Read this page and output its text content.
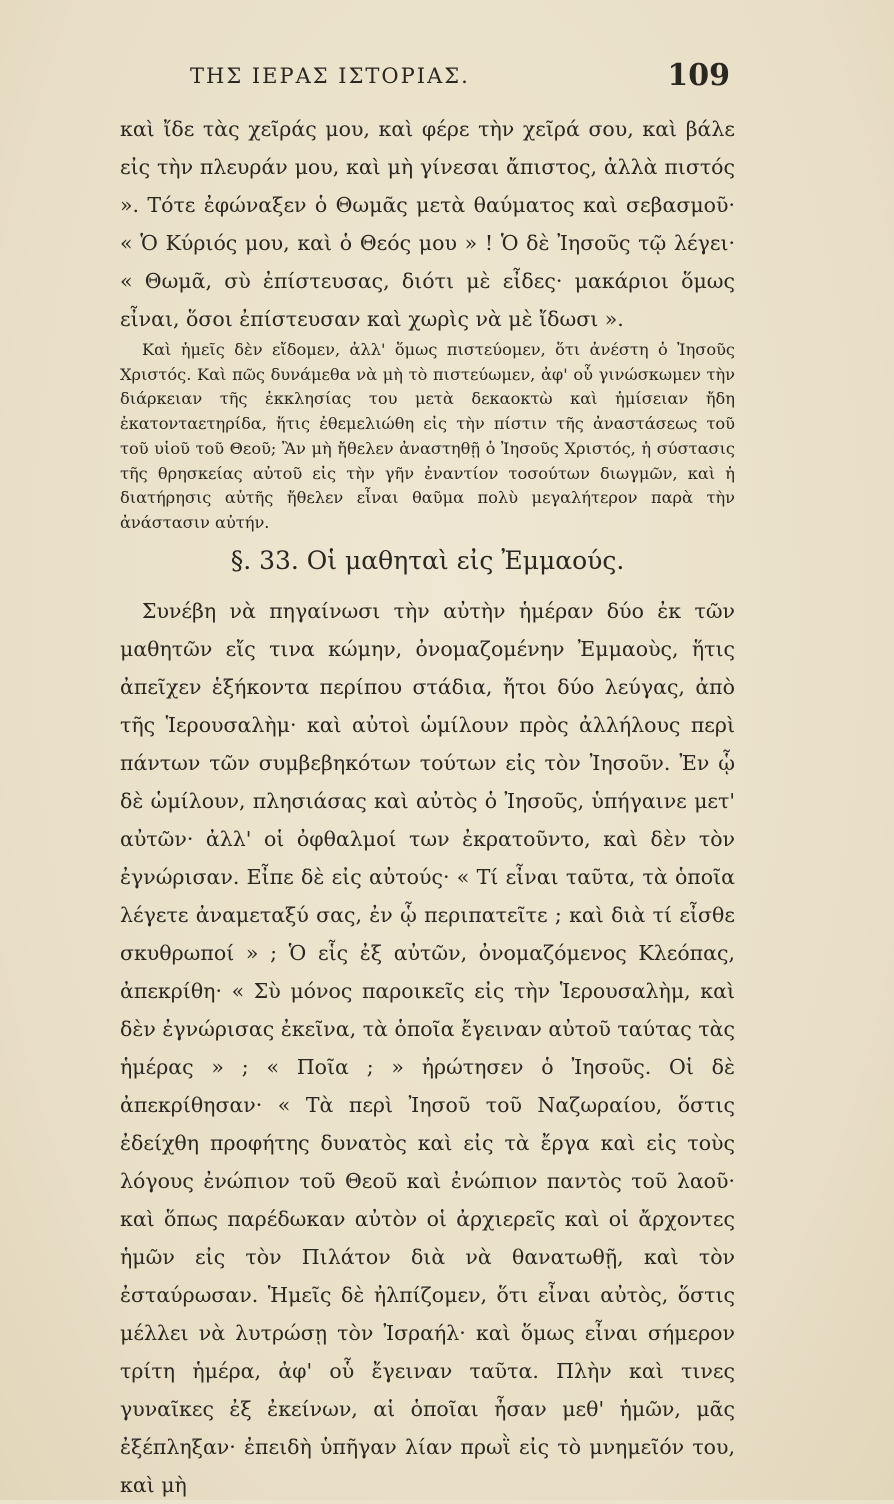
ΤΗΣ ΙΕΡΑΣ ΙΣΤΟΡΙΑΣ.	109

καὶ ἴδε τὰς χεῖράς μου, καὶ φέρε τὴν χεῖρά σου, καὶ βάλε εἰς τὴν πλευράν μου, καὶ μὴ γίνεσαι ἄπιστος, ἀλλὰ πιστός ». Τότε ἐφώναξεν ὁ Θωμᾶς μετὰ θαύματος καὶ σεβασμοῦ· « Ὁ Κύριός μου, καὶ ὁ Θεός μου » ! Ὁ δὲ Ἰησοῦς τῷ λέγει· « Θωμᾶ, σὺ ἐπίστευσας, διότι μὲ εἶδες· μακάριοι ὅμως εἶναι, ὅσοι ἐπίστευσαν καὶ χωρὶς νὰ μὲ ἴδωσι ».

Καὶ ἡμεῖς δὲν εἴδομεν, ἀλλ' ὅμως πιστεύομεν, ὅτι ἀνέστη ὁ Ἰησοῦς Χριστός. Καὶ πῶς δυνάμεθα νὰ μὴ τὸ πιστεύωμεν, ἀφ' οὗ γινώσκωμεν τὴν διάρκειαν τῆς ἐκκλησίας του μετὰ δεκαοκτὼ καὶ ἡμίσειαν ἤδη ἑκατονταετηρίδα, ἥτις ἐθεμελιώθη εἰς τὴν πίστιν τῆς ἀναστάσεως τοῦ τοῦ υἱοῦ τοῦ Θεοῦ; Ἂν μὴ ἤθελεν ἀναστηθῇ ὁ Ἰησοῦς Χριστός, ἡ σύστασις τῆς θρησκείας αὐτοῦ εἰς τὴν γῆν ἐναντίον τοσούτων διωγμῶν, καὶ ἡ διατήρησις αὐτῆς ἤθελεν εἶναι θαῦμα πολὺ μεγαλήτερον παρὰ τὴν ἀνάστασιν αὐτήν.

§. 33. Οἱ μαθηταὶ εἰς Ἐμμαούς.

Συνέβη νὰ πηγαίνωσι τὴν αὐτὴν ἡμέραν δύο ἐκ τῶν μαθητῶν εἴς τινα κώμην, ὀνομαζομένην Ἐμμαοὺς, ἥτις ἀπεῖχεν ἑξήκοντα περίπου στάδια, ἤτοι δύο λεύγας, ἀπὸ τῆς Ἱερουσαλὴμ· καὶ αὐτοὶ ὡμίλουν πρὸς ἀλλήλους περὶ πάντων τῶν συμβεβηκότων τούτων εἰς τὸν Ἰησοῦν. Ἐν ᾧ δὲ ὡμίλουν, πλησιάσας καὶ αὐτὸς ὁ Ἰησοῦς, ὑπήγαινε μετ' αὐτῶν· ἀλλ' οἱ ὀφθαλμοί των ἐκρατοῦντο, καὶ δὲν τὸν ἐγνώρισαν. Εἶπε δὲ εἰς αὐτούς· « Τί εἶναι ταῦτα, τὰ ὁποῖα λέγετε ἀναμεταξύ σας, ἐν ᾧ περιπατεῖτε ; καὶ διὰ τί εἶσθε σκυθρωποί » ; Ὁ εἷς ἐξ αὐτῶν, ὀνομαζόμενος Κλεόπας, ἀπεκρίθη· « Σὺ μόνος παροικεῖς εἰς τὴν Ἱερουσαλὴμ, καὶ δὲν ἐγνώρισας ἐκεῖνα, τὰ ὁποῖα ἔγειναν αὐτοῦ ταύτας τὰς ἡμέρας » ; « Ποῖα ; » ἠρώτησεν ὁ Ἰησοῦς. Οἱ δὲ ἀπεκρίθησαν· « Τὰ περὶ Ἰησοῦ τοῦ Ναζωραίου, ὅστις ἐδείχθη προφήτης δυνατὸς καὶ εἰς τὰ ἔργα καὶ εἰς τοὺς λόγους ἐνώπιον τοῦ Θεοῦ καὶ ἐνώπιον παντὸς τοῦ λαοῦ· καὶ ὅπως παρέδωκαν αὐτὸν οἱ ἀρχιερεῖς καὶ οἱ ἄρχοντες ἡμῶν εἰς τὸν Πιλάτον διὰ νὰ θανατωθῇ, καὶ τὸν ἐσταύρωσαν. Ἡμεῖς δὲ ἠλπίζομεν, ὅτι εἶναι αὐτὸς, ὅστις μέλλει νὰ λυτρώσῃ τὸν Ἰσραήλ· καὶ ὅμως εἶναι σήμερον τρίτη ἡμέρα, ἀφ' οὗ ἔγειναν ταῦτα. Πλὴν καὶ τινες γυναῖκες ἐξ ἐκείνων, αἱ ὁποῖαι ἦσαν μεθ' ἡμῶν, μᾶς ἐξέπληξαν· ἐπειδὴ ὑπῆγαν λίαν πρωῒ εἰς τὸ μνημεῖόν του, καὶ μὴ
